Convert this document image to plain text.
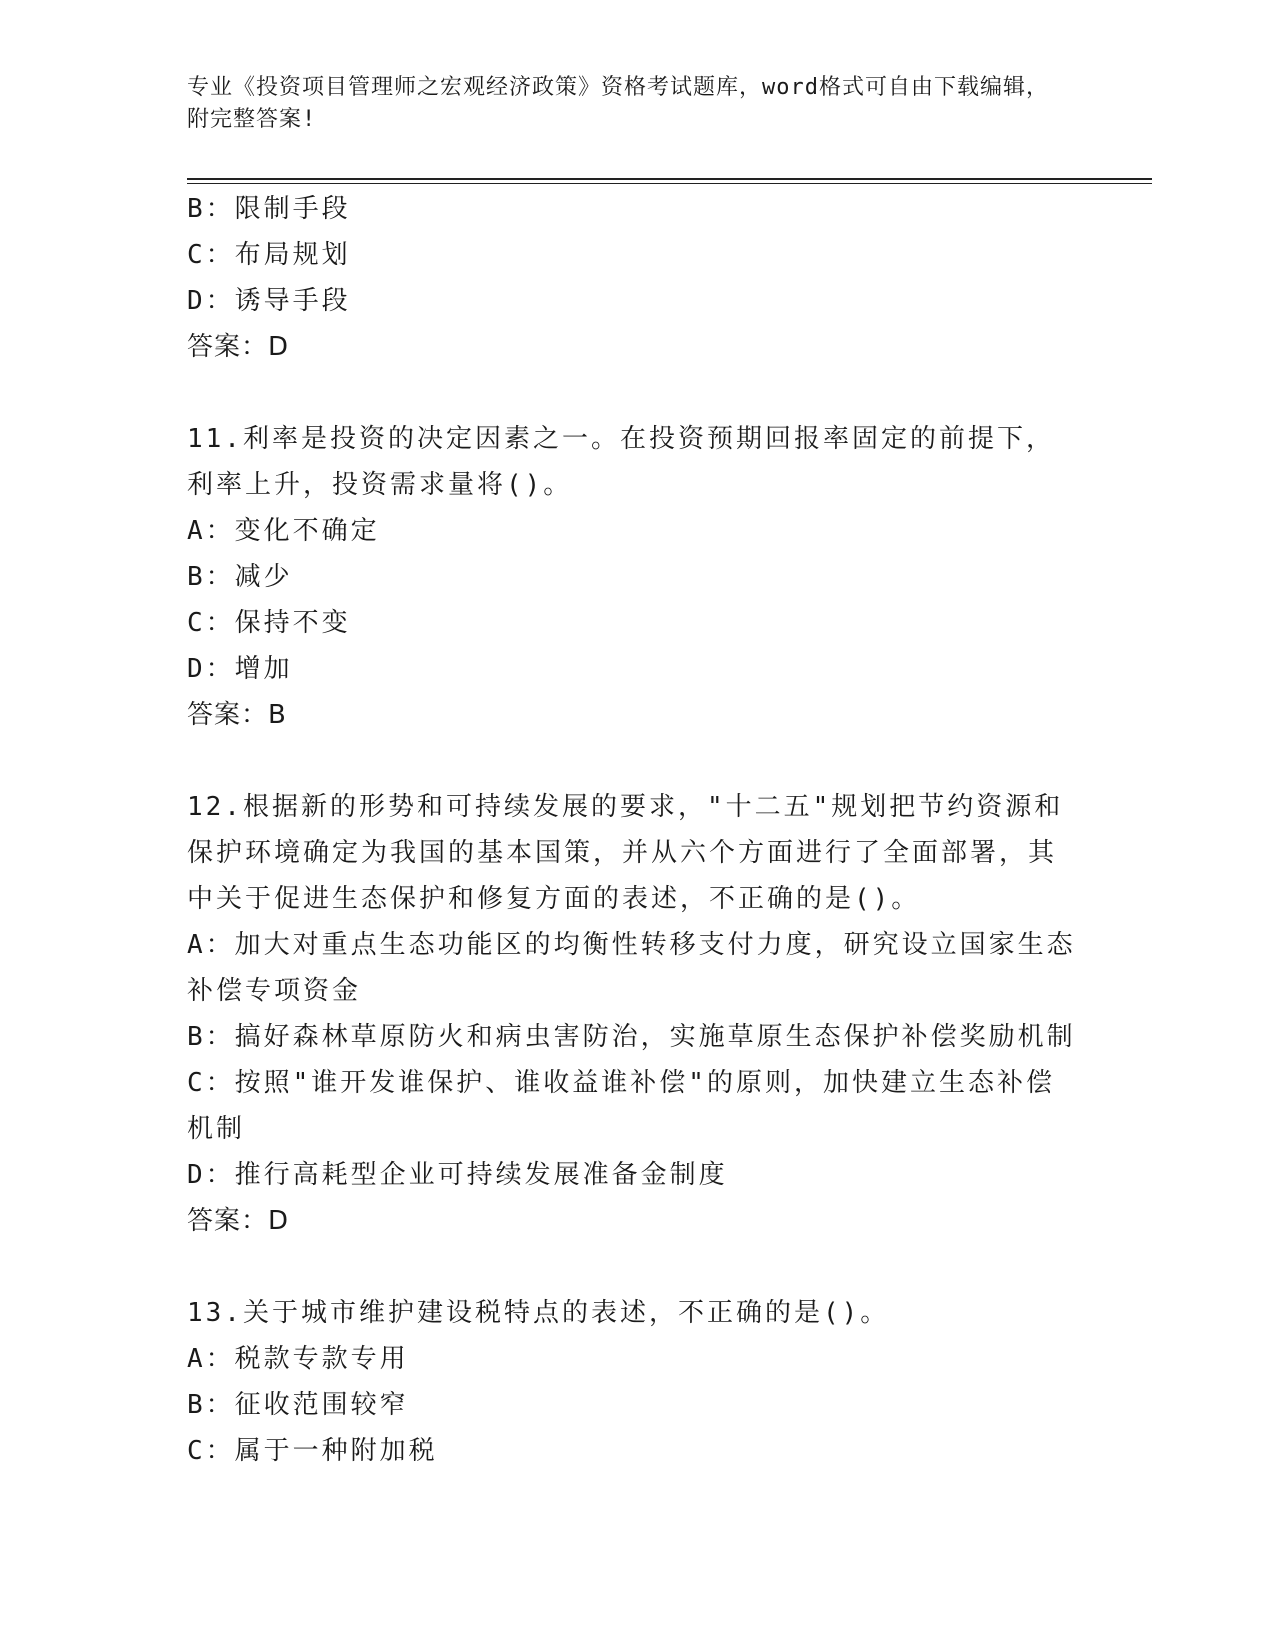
专业《投资项目管理师之宏观经济政策》资格考试题库，word格式可自由下载编辑，附完整答案!
B：限制手段
C：布局规划
D：诱导手段
答案：D
11.利率是投资的决定因素之一。在投资预期回报率固定的前提下，利率上升，投资需求量将()。
A：变化不确定
B：减少
C：保持不变
D：增加
答案：B
12.根据新的形势和可持续发展的要求，"十二五"规划把节约资源和保护环境确定为我国的基本国策，并从六个方面进行了全面部署，其中关于促进生态保护和修复方面的表述，不正确的是()。
A：加大对重点生态功能区的均衡性转移支付力度，研究设立国家生态补偿专项资金
B：搞好森林草原防火和病虫害防治，实施草原生态保护补偿奖励机制
C：按照"谁开发谁保护、谁收益谁补偿"的原则，加快建立生态补偿机制
D：推行高耗型企业可持续发展准备金制度
答案：D
13.关于城市维护建设税特点的表述，不正确的是()。
A：税款专款专用
B：征收范围较窄
C：属于一种附加税
